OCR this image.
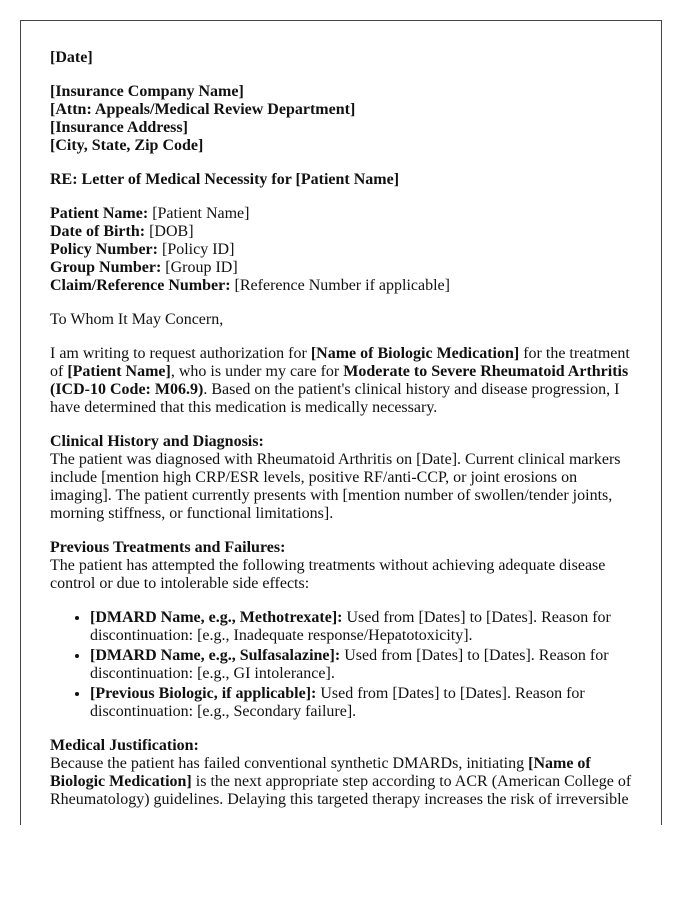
[Date]

[Insurance Company Name]
[Attn: Appeals/Medical Review Department]
[Insurance Address]
[City, State, Zip Code]

RE: Letter of Medical Necessity for [Patient Name]

Patient Name: [Patient Name]
Date of Birth: [DOB]
Policy Number: [Policy ID]
Group Number: [Group ID]
Claim/Reference Number: [Reference Number if applicable]

To Whom It May Concern,

I am writing to request authorization for [Name of Biologic Medication] for the treatment of [Patient Name], who is under my care for Moderate to Severe Rheumatoid Arthritis (ICD-10 Code: M06.9). Based on the patient's clinical history and disease progression, I have determined that this medication is medically necessary.

Clinical History and Diagnosis:
The patient was diagnosed with Rheumatoid Arthritis on [Date]. Current clinical markers include [mention high CRP/ESR levels, positive RF/anti-CCP, or joint erosions on imaging]. The patient currently presents with [mention number of swollen/tender joints, morning stiffness, or functional limitations].

Previous Treatments and Failures:
The patient has attempted the following treatments without achieving adequate disease control or due to intolerable side effects:

• [DMARD Name, e.g., Methotrexate]: Used from [Dates] to [Dates]. Reason for discontinuation: [e.g., Inadequate response/Hepatotoxicity].
• [DMARD Name, e.g., Sulfasalazine]: Used from [Dates] to [Dates]. Reason for discontinuation: [e.g., GI intolerance].
• [Previous Biologic, if applicable]: Used from [Dates] to [Dates]. Reason for discontinuation: [e.g., Secondary failure].

Medical Justification:
Because the patient has failed conventional synthetic DMARDs, initiating [Name of Biologic Medication] is the next appropriate step according to ACR (American College of Rheumatology) guidelines. Delaying this targeted therapy increases the risk of irreversible
